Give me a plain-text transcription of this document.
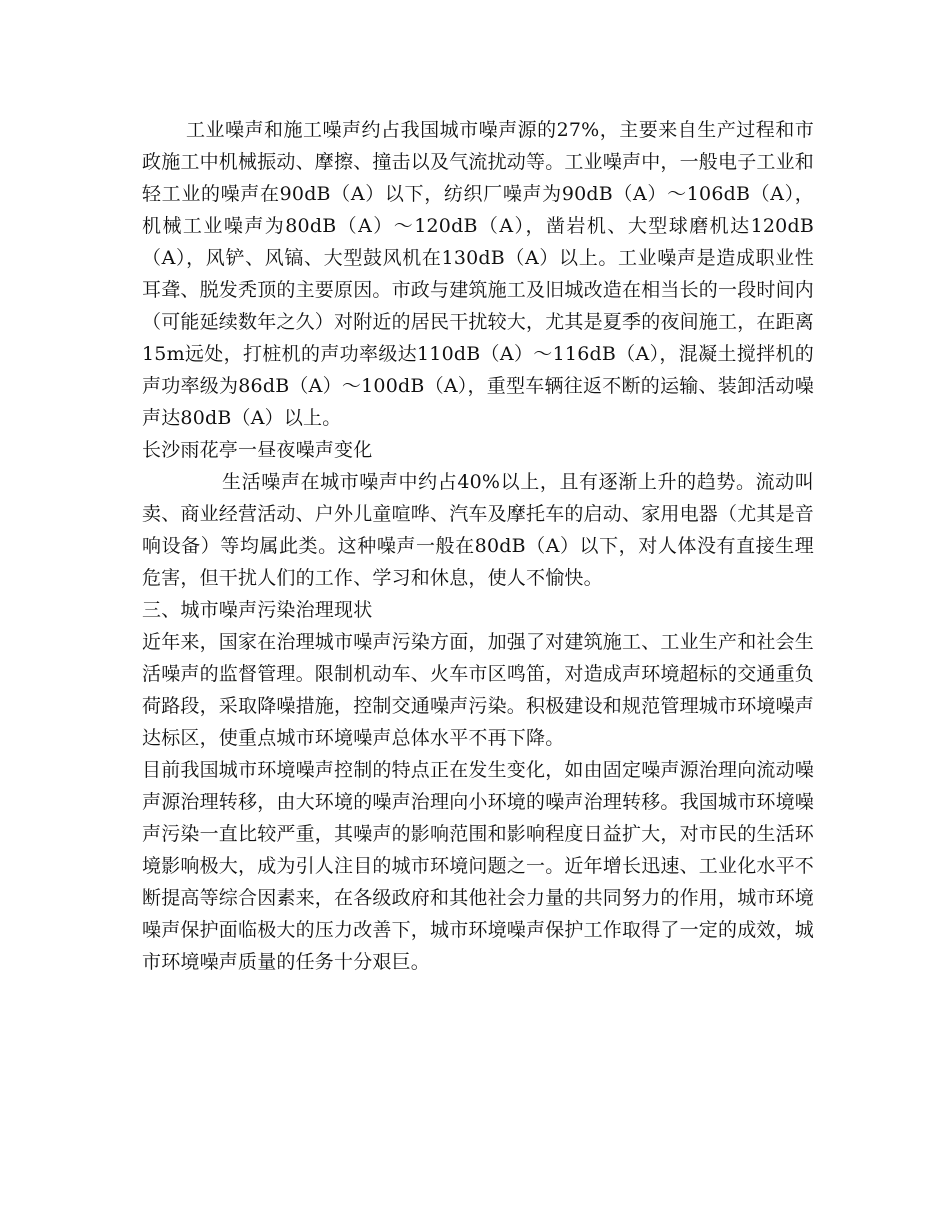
工业噪声和施工噪声约占我国城市噪声源的27%，主要来自生产过程和市政施工中机械振动、摩擦、撞击以及气流扰动等。工业噪声中，一般电子工业和轻工业的噪声在90dB（A）以下，纺织厂噪声为90dB（A）～106dB（A），机械工业噪声为80dB（A）～120dB（A），凿岩机、大型球磨机达120dB（A），风铲、风镐、大型鼓风机在130dB（A）以上。工业噪声是造成职业性耳聋、脱发秃顶的主要原因。市政与建筑施工及旧城改造在相当长的一段时间内（可能延续数年之久）对附近的居民干扰较大，尤其是夏季的夜间施工，在距离15m远处，打桩机的声功率级达110dB（A）～116dB（A），混凝土搅拌机的声功率级为86dB（A）～100dB（A），重型车辆往返不断的运输、装卸活动噪声达80dB（A）以上。

长沙雨花亭一昼夜噪声变化

生活噪声在城市噪声中约占40%以上，且有逐渐上升的趋势。流动叫卖、商业经营活动、户外儿童喧哗、汽车及摩托车的启动、家用电器（尤其是音响设备）等均属此类。这种噪声一般在80dB（A）以下，对人体没有直接生理危害，但干扰人们的工作、学习和休息，使人不愉快。

三、城市噪声污染治理现状

近年来，国家在治理城市噪声污染方面，加强了对建筑施工、工业生产和社会生活噪声的监督管理。限制机动车、火车市区鸣笛，对造成声环境超标的交通重负荷路段，采取降噪措施，控制交通噪声污染。积极建设和规范管理城市环境噪声达标区，使重点城市环境噪声总体水平不再下降。

目前我国城市环境噪声控制的特点正在发生变化，如由固定噪声源治理向流动噪声源治理转移，由大环境的噪声治理向小环境的噪声治理转移。我国城市环境噪声污染一直比较严重，其噪声的影响范围和影响程度日益扩大，对市民的生活环境影响极大，成为引人注目的城市环境问题之一。近年增长迅速、工业化水平不断提高等综合因素来，在各级政府和其他社会力量的共同努力的作用，城市环境噪声保护面临极大的压力改善下，城市环境噪声保护工作取得了一定的成效，城市环境噪声质量的任务十分艰巨。
